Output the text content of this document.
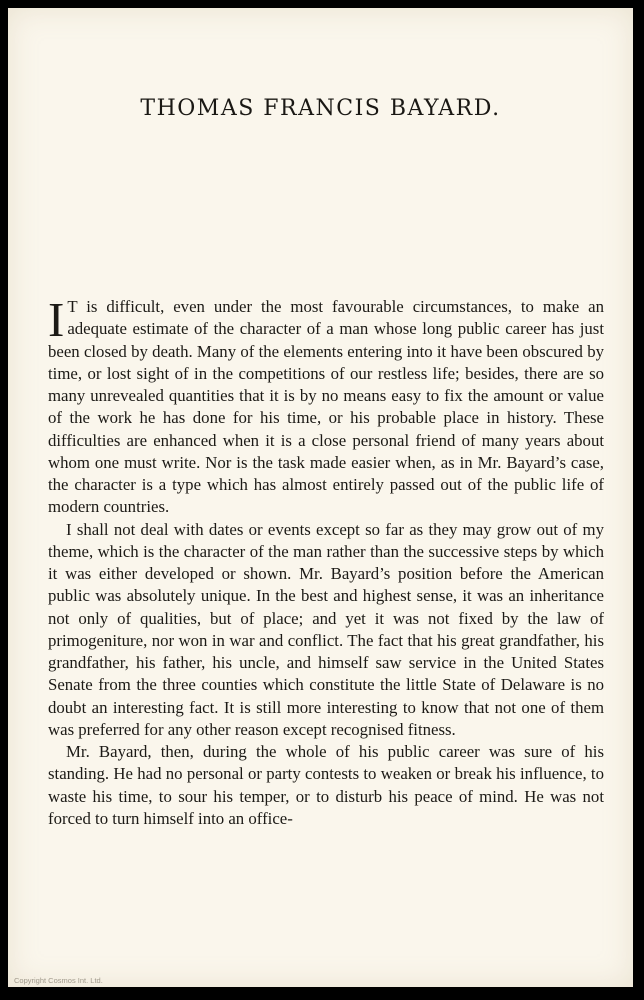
THOMAS FRANCIS BAYARD.

I T is difficult, even under the most favourable circumstances, to make an adequate estimate of the character of a man whose long public career has just been closed by death. Many of the elements entering into it have been obscured by time, or lost sight of in the competitions of our restless life; besides, there are so many unrevealed quantities that it is by no means easy to fix the amount or value of the work he has done for his time, or his probable place in history. These difficulties are enhanced when it is a close personal friend of many years about whom one must write. Nor is the task made easier when, as in Mr. Bayard’s case, the character is a type which has almost entirely passed out of the public life of modern countries.

I shall not deal with dates or events except so far as they may grow out of my theme, which is the character of the man rather than the successive steps by which it was either developed or shown. Mr. Bayard’s position before the American public was absolutely unique. In the best and highest sense, it was an inheritance not only of qualities, but of place; and yet it was not fixed by the law of primogeniture, nor won in war and conflict. The fact that his great grandfather, his grandfather, his father, his uncle, and himself saw service in the United States Senate from the three counties which constitute the little State of Delaware is no doubt an interesting fact. It is still more interesting to know that not one of them was preferred for any other reason except recognised fitness.

Mr. Bayard, then, during the whole of his public career was sure of his standing. He had no personal or party contests to weaken or break his influence, to waste his time, to sour his temper, or to disturb his peace of mind. He was not forced to turn himself into an office-

Copyright Cosmos Int. Ltd.
